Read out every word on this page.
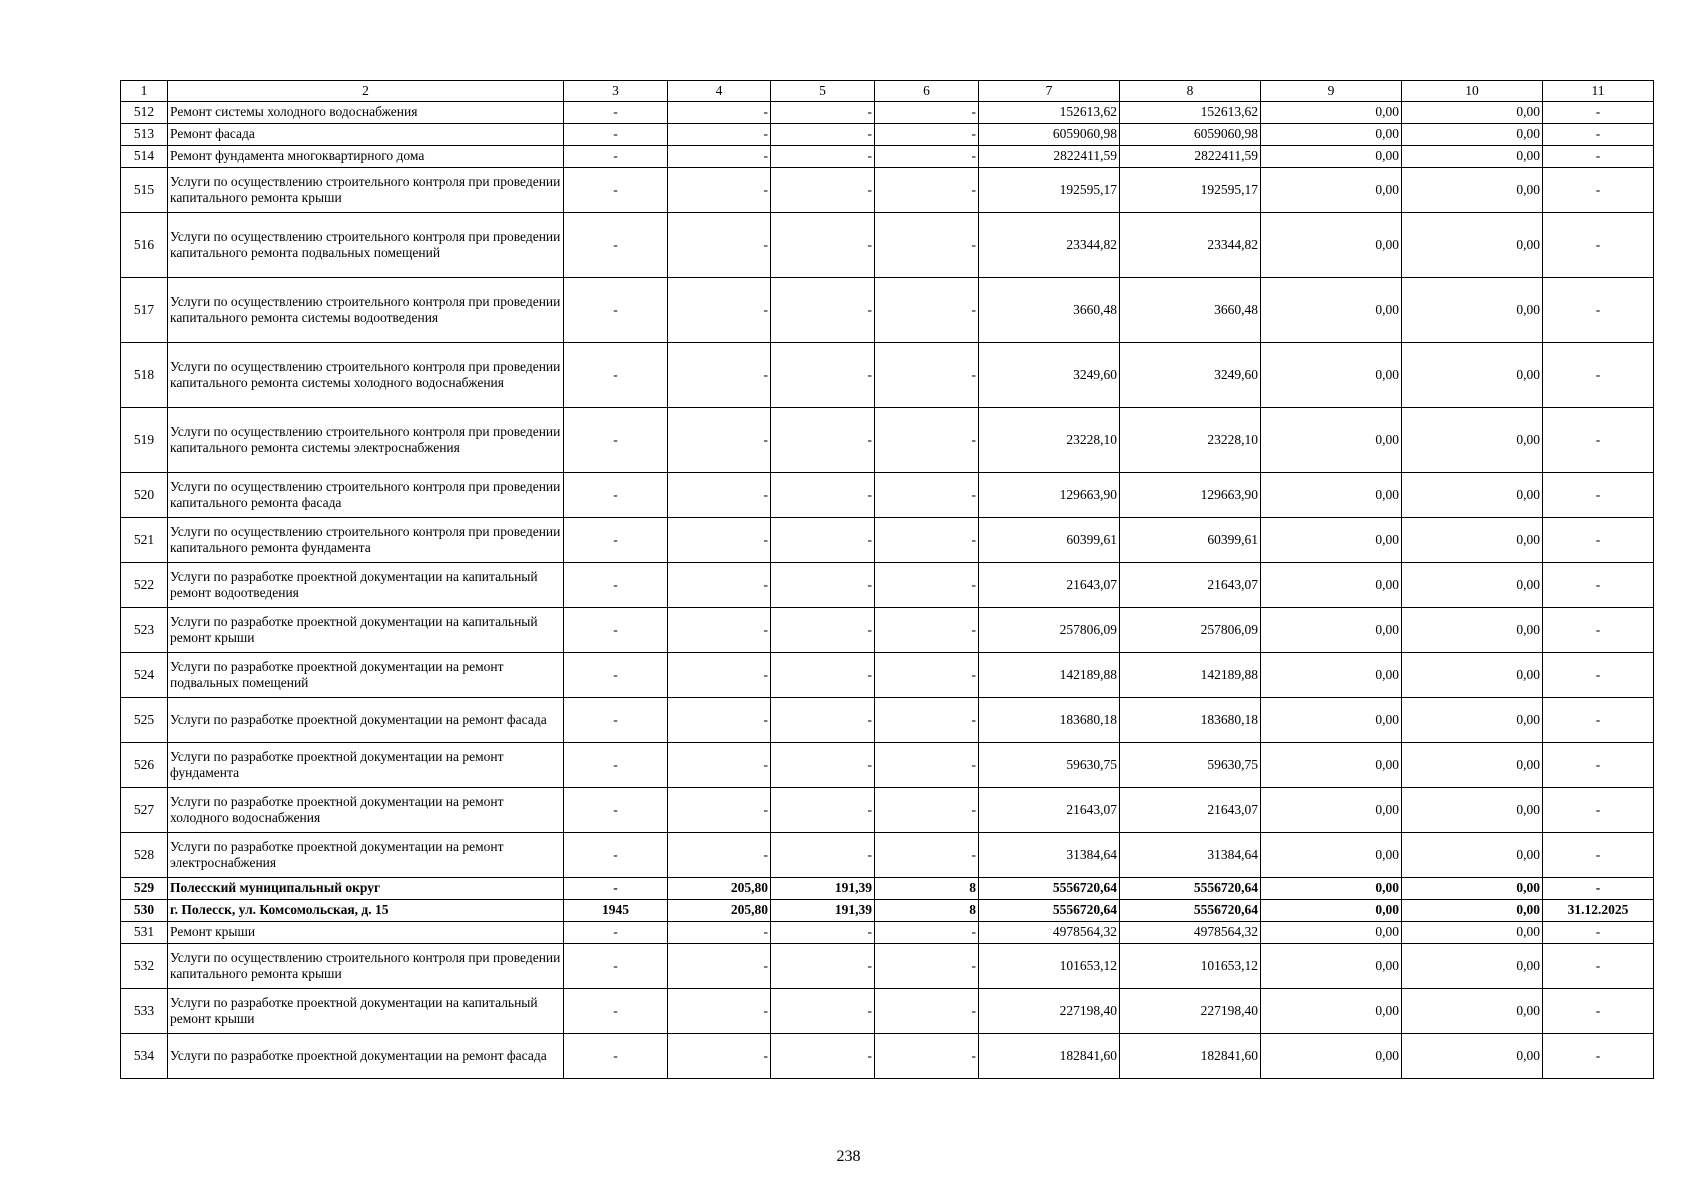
1	2	3	4	5	6	7	8	9	10	11
512	Ремонт системы холодного водоснабжения	-	-	-	-	152613,62	152613,62	0,00	0,00	-
513	Ремонт фасада	-	-	-	-	6059060,98	6059060,98	0,00	0,00	-
514	Ремонт фундамента многоквартирного дома	-	-	-	-	2822411,59	2822411,59	0,00	0,00	-
515	Услуги по осуществлению строительного контроля при проведении капитального ремонта крыши	-	-	-	-	192595,17	192595,17	0,00	0,00	-
516	Услуги по осуществлению строительного контроля при проведении капитального ремонта подвальных помещений	-	-	-	-	23344,82	23344,82	0,00	0,00	-
517	Услуги по осуществлению строительного контроля при проведении капитального ремонта системы водоотведения	-	-	-	-	3660,48	3660,48	0,00	0,00	-
518	Услуги по осуществлению строительного контроля при проведении капитального ремонта системы холодного водоснабжения	-	-	-	-	3249,60	3249,60	0,00	0,00	-
519	Услуги по осуществлению строительного контроля при проведении капитального ремонта системы электроснабжения	-	-	-	-	23228,10	23228,10	0,00	0,00	-
520	Услуги по осуществлению строительного контроля при проведении капитального ремонта фасада	-	-	-	-	129663,90	129663,90	0,00	0,00	-
521	Услуги по осуществлению строительного контроля при проведении капитального ремонта фундамента	-	-	-	-	60399,61	60399,61	0,00	0,00	-
522	Услуги по разработке проектной документации на капитальный ремонт водоотведения	-	-	-	-	21643,07	21643,07	0,00	0,00	-
523	Услуги по разработке проектной документации на капитальный ремонт крыши	-	-	-	-	257806,09	257806,09	0,00	0,00	-
524	Услуги по разработке проектной документации на ремонт подвальных помещений	-	-	-	-	142189,88	142189,88	0,00	0,00	-
525	Услуги по разработке проектной документации на ремонт фасада	-	-	-	-	183680,18	183680,18	0,00	0,00	-
526	Услуги по разработке проектной документации на ремонт фундамента	-	-	-	-	59630,75	59630,75	0,00	0,00	-
527	Услуги по разработке проектной документации на ремонт холодного водоснабжения	-	-	-	-	21643,07	21643,07	0,00	0,00	-
528	Услуги по разработке проектной документации на ремонт электроснабжения	-	-	-	-	31384,64	31384,64	0,00	0,00	-
529	Полесский муниципальный округ	-	205,80	191,39	8	5556720,64	5556720,64	0,00	0,00	-
530	г. Полесск, ул. Комсомольская, д. 15	1945	205,80	191,39	8	5556720,64	5556720,64	0,00	0,00	31.12.2025
531	Ремонт крыши	-	-	-	-	4978564,32	4978564,32	0,00	0,00	-
532	Услуги по осуществлению строительного контроля при проведении капитального ремонта крыши	-	-	-	-	101653,12	101653,12	0,00	0,00	-
533	Услуги по разработке проектной документации на капитальный ремонт крыши	-	-	-	-	227198,40	227198,40	0,00	0,00	-
534	Услуги по разработке проектной документации на ремонт фасада	-	-	-	-	182841,60	182841,60	0,00	0,00	-
238
